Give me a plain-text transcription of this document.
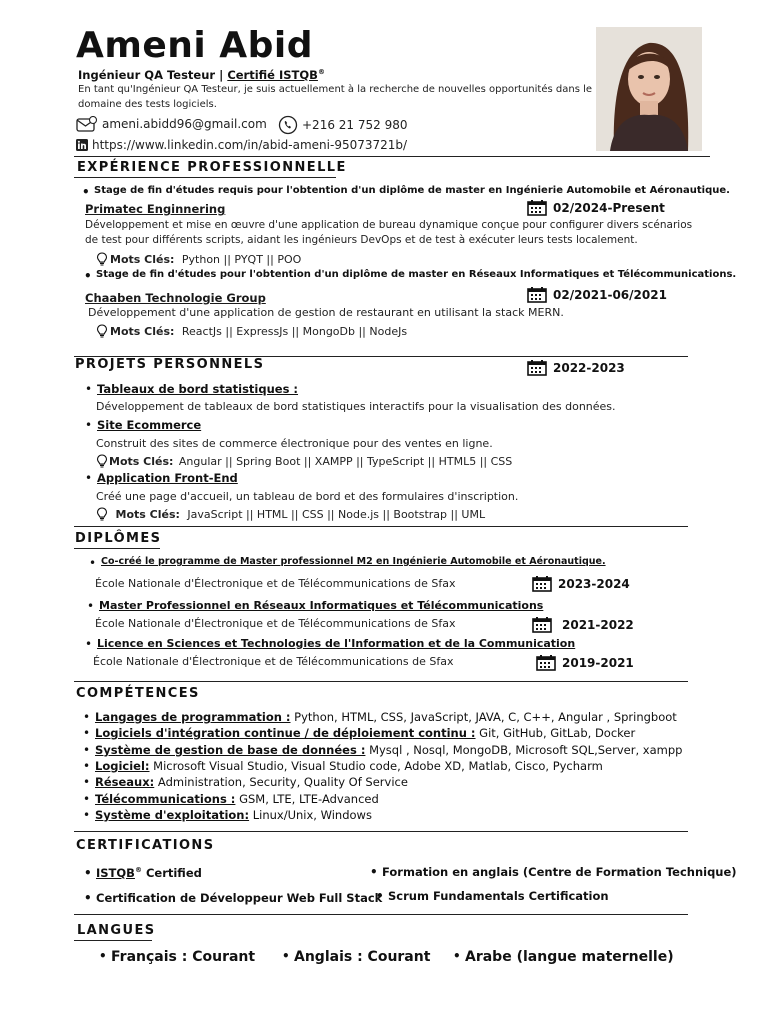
Ameni Abid
Ingénieur QA Testeur | Certifié ISTQB®
En tant qu'Ingénieur QA Testeur, je suis actuellement à la recherche de nouvelles opportunités dans le domaine des tests logiciels.
ameni.abidd96@gmail.com	+216 21 752 980
https://www.linkedin.com/in/abid-ameni-95073721b/
EXPÉRIENCE PROFESSIONNELLE
• Stage de fin d'études requis pour l'obtention d'un diplôme de master en Ingénierie Automobile et Aéronautique.
Primatec Enginnering	02/2024-Present
Développement et mise en œuvre d'une application de bureau dynamique conçue pour configurer divers scénarios de test pour différents scripts, aidant les ingénieurs DevOps et de test à exécuter leurs tests localement.
Mots Clés:
Python || PYQT || POO
• Stage de fin d'études pour l'obtention d'un diplôme de master en Réseaux Informatiques et Télécommunications.
Chaaben Technologie Group	02/2021-06/2021
Développement d'une application de gestion de restaurant en utilisant la stack MERN.
Mots Clés:
ReactJs || ExpressJs || MongoDb || NodeJs
PROJETS PERSONNELS	2022-2023
• Tableaux de bord statistiques :
Développement de tableaux de bord statistiques interactifs pour la visualisation des données.
• Site Ecommerce
Construit des sites de commerce électronique pour des ventes en ligne.
Mots Clés:
Angular || Spring Boot || XAMPP || TypeScript || HTML5 || CSS
• Application Front-End
Créé une page d'accueil, un tableau de bord et des formulaires d'inscription.

Mots Clés:
JavaScript || HTML || CSS || Node.js || Bootstrap || UML
DIPLÔMES
• Co-créé le programme de Master professionnel M2 en Ingénierie Automobile et Aéronautique.
École Nationale d'Électronique et de Télécommunications de Sfax	2023-2024
• Master Professionnel en Réseaux Informatiques et Télécommunications
École Nationale d'Électronique et de Télécommunications de Sfax	2021-2022
• Licence en Sciences et Technologies de l'Information et de la Communication
École Nationale d'Électronique et de Télécommunications de Sfax	2019-2021
COMPÉTENCES
• Langages de programmation : Python, HTML, CSS, JavaScript, JAVA, C, C++, Angular , Springboot
• Logiciels d'intégration continue / de déploiement continu : Git, GitHub, GitLab, Docker
• Système de gestion de base de données : Mysql , Nosql, MongoDB, Microsoft SQL,Server, xampp
• Logiciel: Microsoft Visual Studio, Visual Studio code, Adobe XD, Matlab, Cisco, Pycharm
• Réseaux: Administration, Security, Quality Of Service
• Télécommunications : GSM, LTE, LTE-Advanced
• Système d'exploitation: Linux/Unix, Windows
CERTIFICATIONS
• ISTQB® Certified	• Formation en anglais (Centre de Formation Technique)
• Certification de Développeur Web Full Stack • Scrum Fundamentals Certification
LANGUES
• Français : Courant	• Anglais : Courant • Arabe (langue maternelle)
